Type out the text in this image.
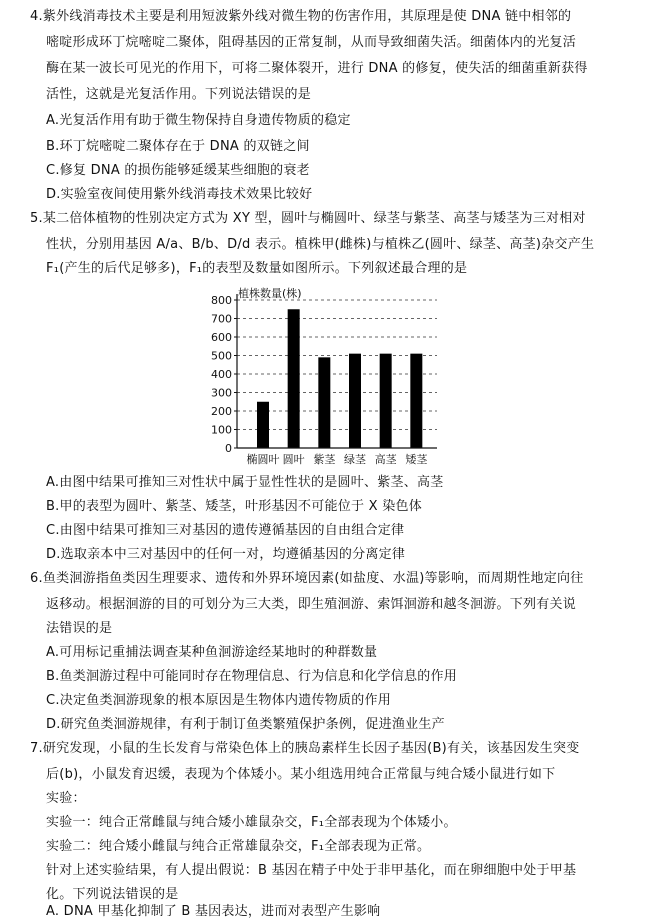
4.紫外线消毒技术主要是利用短波紫外线对微生物的伤害作用，其原理是使 DNA 链中相邻的
嘧啶形成环丁烷嘧啶二聚体，阻碍基因的正常复制，从而导致细菌失活。细菌体内的光复活
酶在某一波长可见光的作用下，可将二聚体裂开，进行 DNA 的修复，使失活的细菌重新获得
活性，这就是光复活作用。下列说法错误的是
A.光复活作用有助于微生物保持自身遗传物质的稳定
B.环丁烷嘧啶二聚体存在于 DNA 的双链之间
C.修复 DNA 的损伤能够延缓某些细胞的衰老
D.实验室夜间使用紫外线消毒技术效果比较好
5.某二倍体植物的性别决定方式为 XY 型，圆叶与椭圆叶、绿茎与紫茎、高茎与矮茎为三对相对
性状，分别用基因 A/a、B/b、D/d 表示。植株甲(雌株)与植株乙(圆叶、绿茎、高茎)杂交产生
F₁(产生的后代足够多)，F₁的表型及数量如图所示。下列叙述最合理的是
0
100
200
300
400
500
600
700
800
椭圆叶 圆叶 紫茎 绿茎 高茎 矮茎
植株数量(株)
A.由图中结果可推知三对性状中属于显性性状的是圆叶、紫茎、高茎
B.甲的表型为圆叶、紫茎、矮茎，叶形基因不可能位于 X 染色体
C.由图中结果可推知三对基因的遗传遵循基因的自由组合定律
D.选取亲本中三对基因中的任何一对，均遵循基因的分离定律
6.鱼类洄游指鱼类因生理要求、遗传和外界环境因素(如盐度、水温)等影响，而周期性地定向往
返移动。根据洄游的目的可划分为三大类，即生殖洄游、索饵洄游和越冬洄游。下列有关说
法错误的是
A.可用标记重捕法调查某种鱼洄游途经某地时的种群数量
B.鱼类洄游过程中可能同时存在物理信息、行为信息和化学信息的作用
C.决定鱼类洄游现象的根本原因是生物体内遗传物质的作用
D.研究鱼类洄游规律，有利于制订鱼类繁殖保护条例，促进渔业生产
7.研究发现，小鼠的生长发育与常染色体上的胰岛素样生长因子基因(B)有关，该基因发生突变
后(b)，小鼠发育迟缓，表现为个体矮小。某小组选用纯合正常鼠与纯合矮小鼠进行如下
实验：
实验一：纯合正常雌鼠与纯合矮小雄鼠杂交，F₁全部表现为个体矮小。
实验二：纯合矮小雌鼠与纯合正常雄鼠杂交，F₁全部表现为正常。
针对上述实验结果，有人提出假说：B 基因在精子中处于非甲基化，而在卵细胞中处于甲基
化。下列说法错误的是
A. DNA 甲基化抑制了 B 基因表达，进而对表型产生影响
